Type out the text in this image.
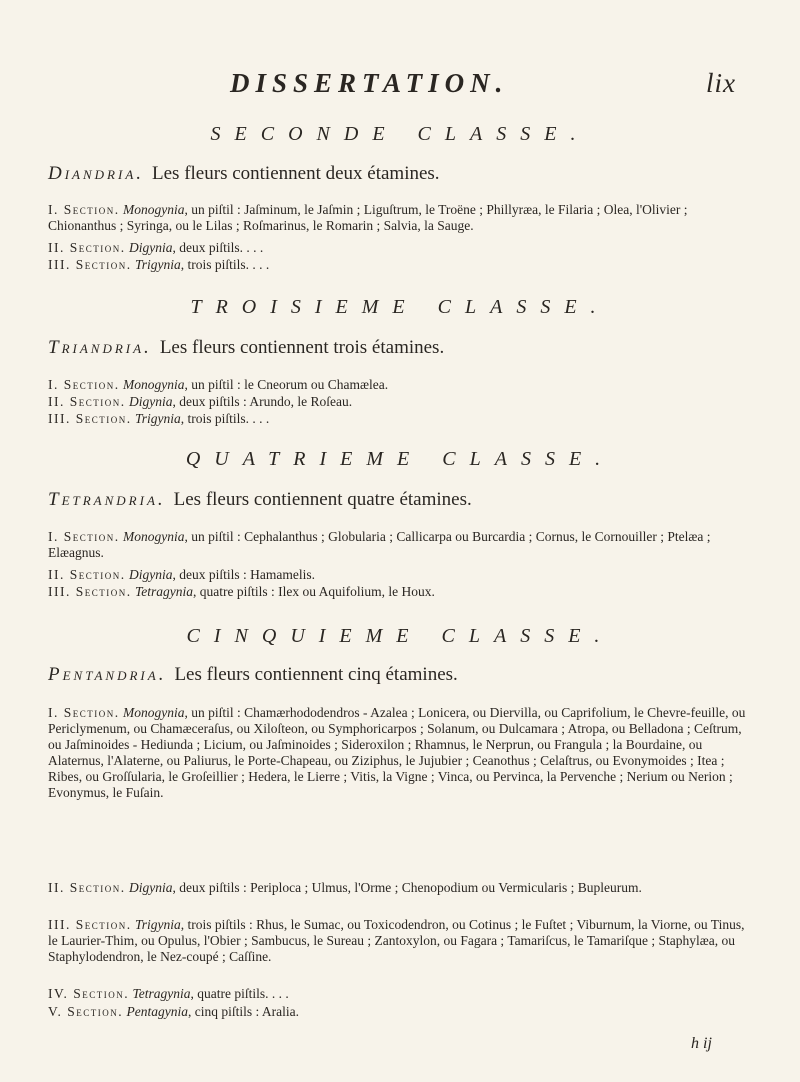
DISSERTATION.	lix
SECONDE CLASSE.
Diandria. Les fleurs contiennent deux étamines.
I. Section. Monogynia, un piſtil : Jaſminum, le Jaſmin ; Liguſtrum, le Troëne ; Phillyræa, le Filaria ; Olea, l'Olivier ; Chionanthus ; Syringa, ou le Lilas ; Roſmarinus, le Romarin ; Salvia, la Sauge.
II. Section. Digynia, deux piſtils. . . .
III. Section. Trigynia, trois piſtils. . . .
TROISIEME CLASSE.
Triandria. Les fleurs contiennent trois étamines.
I. Section. Monogynia, un piſtil : le Cneorum ou Chamælea.
II. Section. Digynia, deux piſtils : Arundo, le Roſeau.
III. Section. Trigynia, trois piſtils. . . .
QUATRIEME CLASSE.
Tetrandria. Les fleurs contiennent quatre étamines.
I. Section. Monogynia, un piſtil : Cephalanthus ; Globularia ; Callicarpa ou Burcardia ; Cornus, le Cornouiller ; Ptelæa ; Elæagnus.
II. Section. Digynia, deux piſtils : Hamamelis.
III. Section. Tetragynia, quatre piſtils : Ilex ou Aquifolium, le Houx.
CINQUIEME CLASSE.
Pentandria. Les fleurs contiennent cinq étamines.
I. Section. Monogynia, un piſtil : Chamærhododendros - Azalea ; Lonicera, ou Diervilla, ou Caprifolium, le Chevre-feuille, ou Periclymenum, ou Chamæceraſus, ou Xiloſteon, ou Symphoricarpos ; Solanum, ou Dulcamara ; Atropa, ou Belladona ; Ceſtrum, ou Jaſminoides - Hediunda ; Licium, ou Jaſminoides ; Sideroxilon ; Rhamnus, le Nerprun, ou Frangula ; la Bourdaine, ou Alaternus, l'Alaterne, ou Paliurus, le Porte-Chapeau, ou Ziziphus, le Jujubier ; Ceanothus ; Celaſtrus, ou Evonymoides ; Itea ; Ribes, ou Groſſularia, le Groſeillier ; Hedera, le Lierre ; Vitis, la Vigne ; Vinca, ou Pervinca, la Pervenche ; Nerium ou Nerion ; Evonymus, le Fuſain.
II. Section. Digynia, deux piſtils : Periploca ; Ulmus, l'Orme ; Chenopodium ou Vermicularis ; Bupleurum.
III. Section. Trigynia, trois piſtils : Rhus, le Sumac, ou Toxicodendron, ou Cotinus ; le Fuſtet ; Viburnum, la Viorne, ou Tinus, le Laurier-Thim, ou Opulus, l'Obier ; Sambucus, le Sureau ; Zantoxylon, ou Fagara ; Tamariſcus, le Tamariſque ; Staphylæa, ou Staphylodendron, le Nez-coupé ; Caſſine.
IV. Section. Tetragynia, quatre piſtils. . . .
V. Section. Pentagynia, cinq piſtils : Aralia.
h ij
